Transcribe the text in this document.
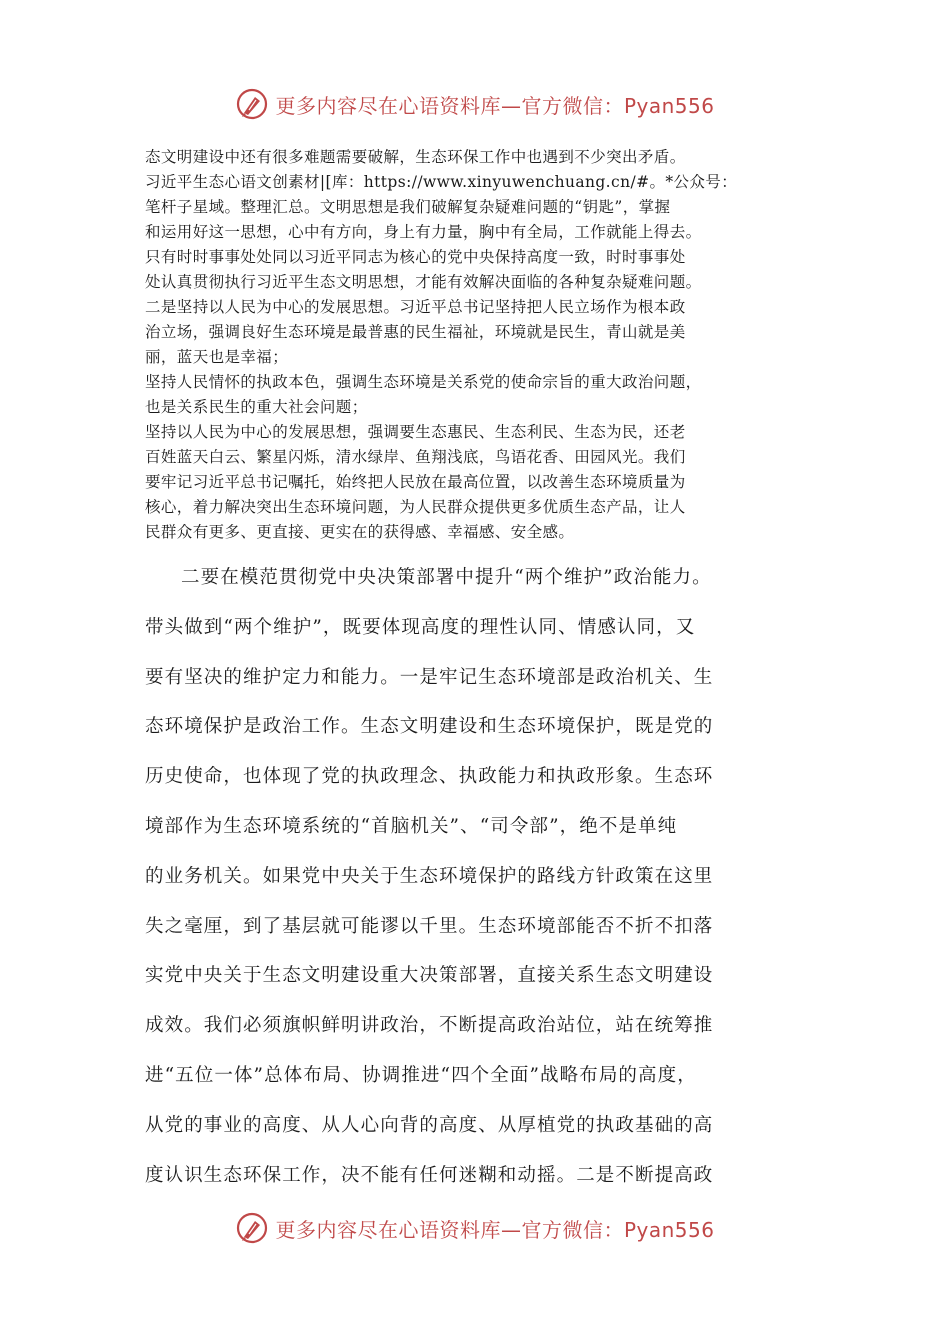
更多内容尽在心语资料库—官方微信：Pyan556

态文明建设中还有很多难题需要破解，生态环保工作中也遇到不少突出矛盾。

习近平生态心语文创素材|[库：https://www.xinyuwenchuang.cn/#。*公众号：

笔杆子星域。整理汇总。文明思想是我们破解复杂疑难问题的“钥匙”，掌握

和运用好这一思想，心中有方向，身上有力量，胸中有全局，工作就能上得去。

只有时时事事处处同以习近平同志为核心的党中央保持高度一致，时时事事处

处认真贯彻执行习近平生态文明思想，才能有效解决面临的各种复杂疑难问题。

二是坚持以人民为中心的发展思想。习近平总书记坚持把人民立场作为根本政

治立场，强调良好生态环境是最普惠的民生福祉，环境就是民生，青山就是美

丽，蓝天也是幸福；

坚持人民情怀的执政本色，强调生态环境是关系党的使命宗旨的重大政治问题，

也是关系民生的重大社会问题；

坚持以人民为中心的发展思想，强调要生态惠民、生态利民、生态为民，还老

百姓蓝天白云、繁星闪烁，清水绿岸、鱼翔浅底，鸟语花香、田园风光。我们

要牢记习近平总书记嘱托，始终把人民放在最高位置，以改善生态环境质量为

核心，着力解决突出生态环境问题，为人民群众提供更多优质生态产品，让人

民群众有更多、更直接、更实在的获得感、幸福感、安全感。

二要在模范贯彻党中央决策部署中提升“两个维护”政治能力。

带头做到“两个维护”，既要体现高度的理性认同、情感认同，又

要有坚决的维护定力和能力。一是牢记生态环境部是政治机关、生

态环境保护是政治工作。生态文明建设和生态环境保护，既是党的

历史使命，也体现了党的执政理念、执政能力和执政形象。生态环

境部作为生态环境系统的“首脑机关”、“司令部”，绝不是单纯

的业务机关。如果党中央关于生态环境保护的路线方针政策在这里

失之毫厘，到了基层就可能谬以千里。生态环境部能否不折不扣落

实党中央关于生态文明建设重大决策部署，直接关系生态文明建设

成效。我们必须旗帜鲜明讲政治，不断提高政治站位，站在统筹推

进“五位一体”总体布局、协调推进“四个全面”战略布局的高度，

从党的事业的高度、从人心向背的高度、从厚植党的执政基础的高

度认识生态环保工作，决不能有任何迷糊和动摇。二是不断提高政

更多内容尽在心语资料库—官方微信：Pyan556
